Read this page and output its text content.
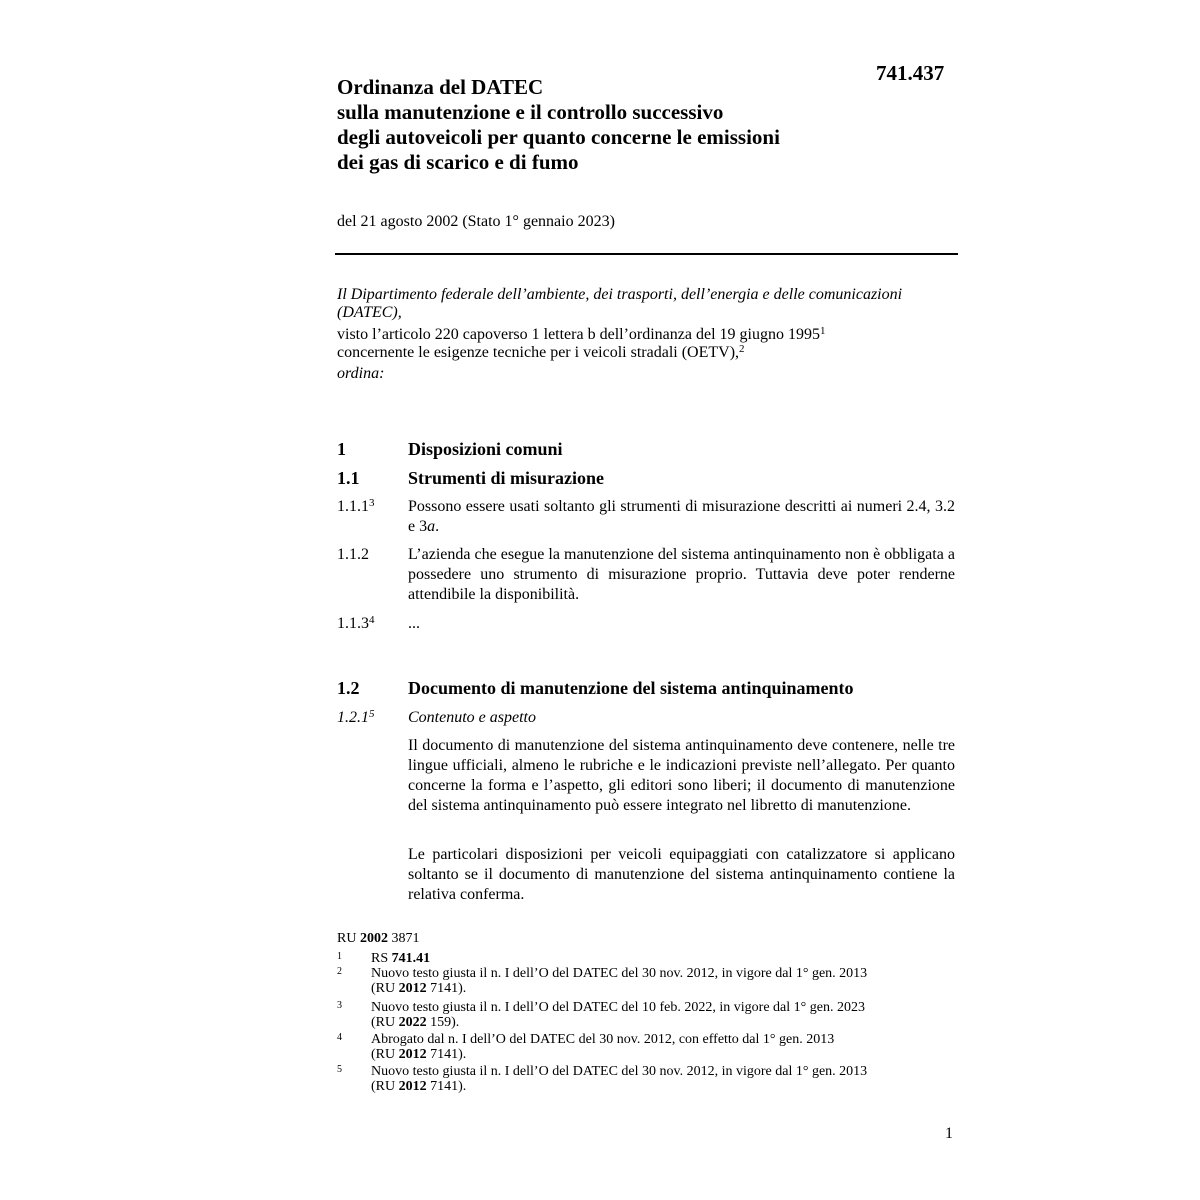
741.437
Ordinanza del DATEC
sulla manutenzione e il controllo successivo
degli autoveicoli per quanto concerne le emissioni
dei gas di scarico e di fumo
del 21 agosto 2002 (Stato 1° gennaio 2023)
Il Dipartimento federale dell’ambiente, dei trasporti, dell’energia e delle comunicazioni (DATEC),
visto l’articolo 220 capoverso 1 lettera b dell’ordinanza del 19 giugno 1995$^1$
concernente le esigenze tecniche per i veicoli stradali (OETV),$^2$
ordina:
1	Disposizioni comuni
1.1	Strumenti di misurazione
1.1.1$^3$	Possono essere usati soltanto gli strumenti di misurazione descritti ai numeri 2.4, 3.2 e 3a.
1.1.2	L’azienda che esegue la manutenzione del sistema antinquinamento non è obbligata a possedere uno strumento di misurazione proprio. Tuttavia deve poter renderne attendibile la disponibilità.
1.1.3$^4$	...
1.2	Documento di manutenzione del sistema antinquinamento
1.2.1$^5$	Contenuto e aspetto
Il documento di manutenzione del sistema antinquinamento deve contenere, nelle tre lingue ufficiali, almeno le rubriche e le indicazioni previste nell’allegato. Per quanto concerne la forma e l’aspetto, gli editori sono liberi; il documento di manutenzione del sistema antinquinamento può essere integrato nel libretto di manutenzione.
Le particolari disposizioni per veicoli equipaggiati con catalizzatore si applicano soltanto se il documento di manutenzione del sistema antinquinamento contiene la relativa conferma.
RU 2002 3871
1 RS 741.41
2 Nuovo testo giusta il n. I dell’O del DATEC del 30 nov. 2012, in vigore dal 1° gen. 2013
(RU 2012 7141).
3 Nuovo testo giusta il n. I dell’O del DATEC del 10 feb. 2022, in vigore dal 1° gen. 2023
(RU 2022 159).
4 Abrogato dal n. I dell’O del DATEC del 30 nov. 2012, con effetto dal 1° gen. 2013
(RU 2012 7141).
5 Nuovo testo giusta il n. I dell’O del DATEC del 30 nov. 2012, in vigore dal 1° gen. 2013
(RU 2012 7141).
1
